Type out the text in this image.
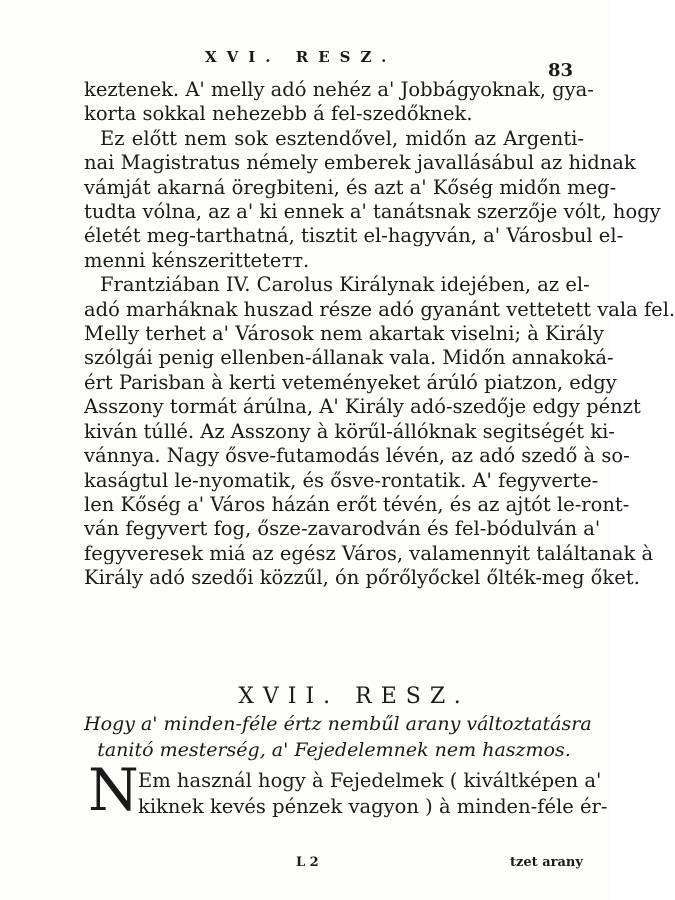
XVI. RESZ.
83
keztenek. A' melly adó nehéz a' Jobbágyoknak, gya-
korta sokkal nehezebb á fel-szedőknek.
Ez előtt nem sok esztendővel, midőn az Argenti-
nai Magistratus némely emberek javallásábul az hidnak
vámját akarná öregbiteni, és azt a' Kőség midőn meg-
tudta vólna, az a' ki ennek a' tanátsnak szerzője vólt, hogy
életét meg-tarthatná, tisztit el-hagyván, a' Városbul el-
menni kénszeritteteтт.
Frantziában IV. Carolus Királynak idejében, az el-
adó marháknak huszad része adó gyanánt vettetett vala fel.
Melly terhet a' Városok nem akartak viselni; à Király
szólgái penig ellenben-állanak vala. Midőn annakoká-
ért Parisban à kerti veteményeket árúló piatzon, edgy
Asszony tormát árúlna, A' Király adó-szedője edgy pénzt
kiván túllé. Az Asszony à körűl-állóknak segitségét ki-
vánnya. Nagy ősve-futamodás lévén, az adó szedő à so-
kaságtul le-nyomatik, és ősve-rontatik. A' fegyverte-
len Kőség a' Város házán erőt tévén, és az ajtót le-ront-
ván fegyvert fog, ősze-zavarodván és fel-bódulván a'
fegyveresek miá az egész Város, valamennyit találtanak à
Király adó szedői közzűl, ón pőrőlyőckel őlték-meg őket.
XVII. RESZ.
Hogy a' minden-féle értz nembűl arany változtatásra
tanitó mesterség, a' Fejedelemnek nem haszmos.
N Em használ hogy à Fejedelmek ( kiváltképen a'
kiknek kevés pénzek vagyon ) à minden-féle ér-
L 2	tzet arany
